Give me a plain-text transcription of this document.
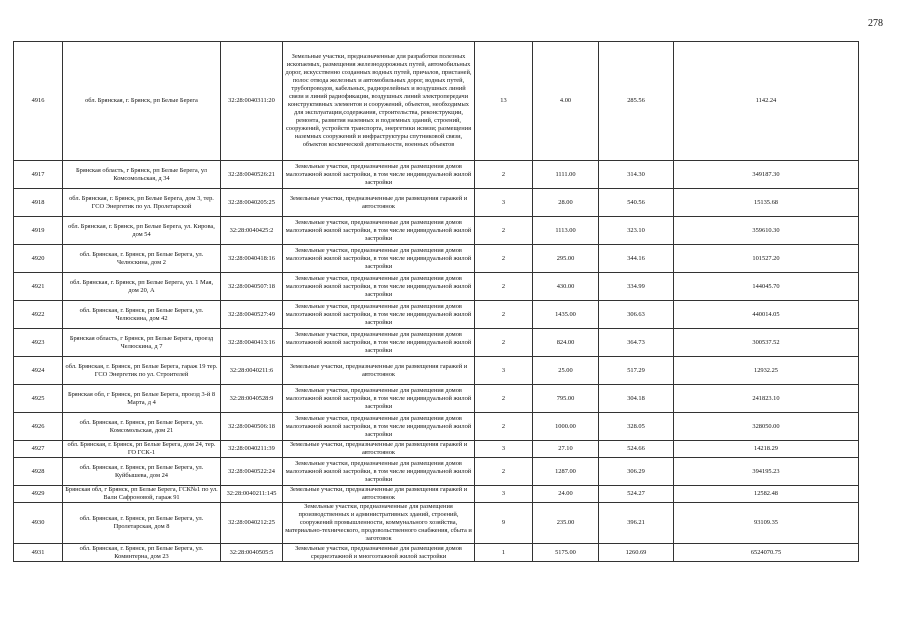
278
4916	обл. Брянская, г. Брянск, рп Белые Берега	32:28:0040311:20	Земельные участки, предназначенные для разработки полезных ископаемых, размещения железнодорожных путей, автомобильных дорог, искусственно созданных водных путей, причалов, пристаней, полос отвода железных и автомобильных дорог, водных путей, трубопроводов, кабельных, радиорелейных и воздушных линий связи и линий радиофикации, воздушных линий электропередачи конструктивных элементов и сооружений, объектов, необходимых для эксплуатации,содержания, строительства, реконструкции, ремонта, развития наземных и подземных зданий, строений, сооружений, устройств транспорта, энергетики исвязи; размещения наземных сооружений и инфраструктуры спутниковой связи, объектов космической деятельности, военных объектов	13	4.00	285.56	1142.24
4917	Брянская область, г Брянск, рп Белые Берега, ул Комсомольская, д 34	32:28:0040526:21	Земельные участки, предназначенные для размещения домов малоэтажной жилой застройки, в том числе индивидуальной жилой застройки	2	1111.00	314.30	349187.30
4918	обл. Брянская, г. Брянск, рп Белые Берега, дом 3, тер. ГСО Энергетик по ул. Пролетарской	32:28:0040205:25	Земельные участки, предназначенные для размещения гаражей и автостоянок	3	28.00	540.56	15135.68
4919	обл. Брянская, г. Брянск, рп Белые Берега, ул. Кирова, дом 54	32:28:0040425:2	Земельные участки, предназначенные для размещения домов малоэтажной жилой застройки, в том числе индивидуальной жилой застройки	2	1113.00	323.10	359610.30
4920	обл. Брянская, г. Брянск, рп Белые Берега, ул. Челюскина, дом 2	32:28:0040418:16	Земельные участки, предназначенные для размещения домов малоэтажной жилой застройки, в том числе индивидуальной жилой застройки	2	295.00	344.16	101527.20
4921	обл. Брянская, г. Брянск, рп Белые Берега, ул. 1 Мая, дом 20, А	32:28:0040507:18	Земельные участки, предназначенные для размещения домов малоэтажной жилой застройки, в том числе индивидуальной жилой застройки	2	430.00	334.99	144045.70
4922	обл. Брянская, г. Брянск, рп Белые Берега, ул. Челюскина, дом 42	32:28:0040527:49	Земельные участки, предназначенные для размещения домов малоэтажной жилой застройки, в том числе индивидуальной жилой застройки	2	1435.00	306.63	440014.05
4923	Брянская область, г Брянск, рп Белые Берега, проезд Челюскина, д 7	32:28:0040413:16	Земельные участки, предназначенные для размещения домов малоэтажной жилой застройки, в том числе индивидуальной жилой застройки	2	824.00	364.73	300537.52
4924	обл. Брянская, г. Брянск, рп Белые Берега, гараж 19 тер. ГСО Энергетик по ул. Строителей	32:28:0040211:6	Земельные участки, предназначенные для размещения гаражей и автостоянок	3	25.00	517.29	12932.25
4925	Брянская обл, г Брянск, рп Белые Берега, проезд 3-й 8 Марта, д 4	32:28:0040528:9	Земельные участки, предназначенные для размещения домов малоэтажной жилой застройки, в том числе индивидуальной жилой застройки	2	795.00	304.18	241823.10
4926	обл. Брянская, г. Брянск, рп Белые Берега, ул. Комсомольская, дом 21	32:28:0040506:18	Земельные участки, предназначенные для размещения домов малоэтажной жилой застройки, в том числе индивидуальной жилой застройки	2	1000.00	328.05	328050.00
4927	обл. Брянская, г. Брянск, рп Белые Берега, дом 24, тер. ГО ГСК-1	32:28:0040211:39	Земельные участки, предназначенные для размещения гаражей и автостоянок	3	27.10	524.66	14218.29
4928	обл. Брянская, г. Брянск, рп Белые Берега, ул. Куйбышева, дом 24	32:28:0040522:24	Земельные участки, предназначенные для размещения домов малоэтажной жилой застройки, в том числе индивидуальной жилой застройки	2	1287.00	306.29	394195.23
4929	Брянская обл, г Брянск, рп Белые Берега, ГСК№1 по ул. Вали Сафроновой, гараж 91	32:28:0040211:145	Земельные участки, предназначенные для размещения гаражей и автостоянок	3	24.00	524.27	12582.48
4930	обл. Брянская, г. Брянск, рп Белые Берега, ул. Пролетарская, дом 8	32:28:0040212:25	Земельные участки, предназначенные для размещения производственных и административных зданий, строений, сооружений промышленности, коммунального хозяйства, материально-технического, продовольственного снабжения, сбыта и заготовок	9	235.00	396.21	93109.35
4931	обл. Брянская, г. Брянск, рп Белые Берега, ул. Коминтерна, дом 23	32:28:0040505:5	Земельные участки, предназначенные для размещения домов среднеэтажной и многоэтажной жилой застройки	1	5175.00	1260.69	6524070.75
